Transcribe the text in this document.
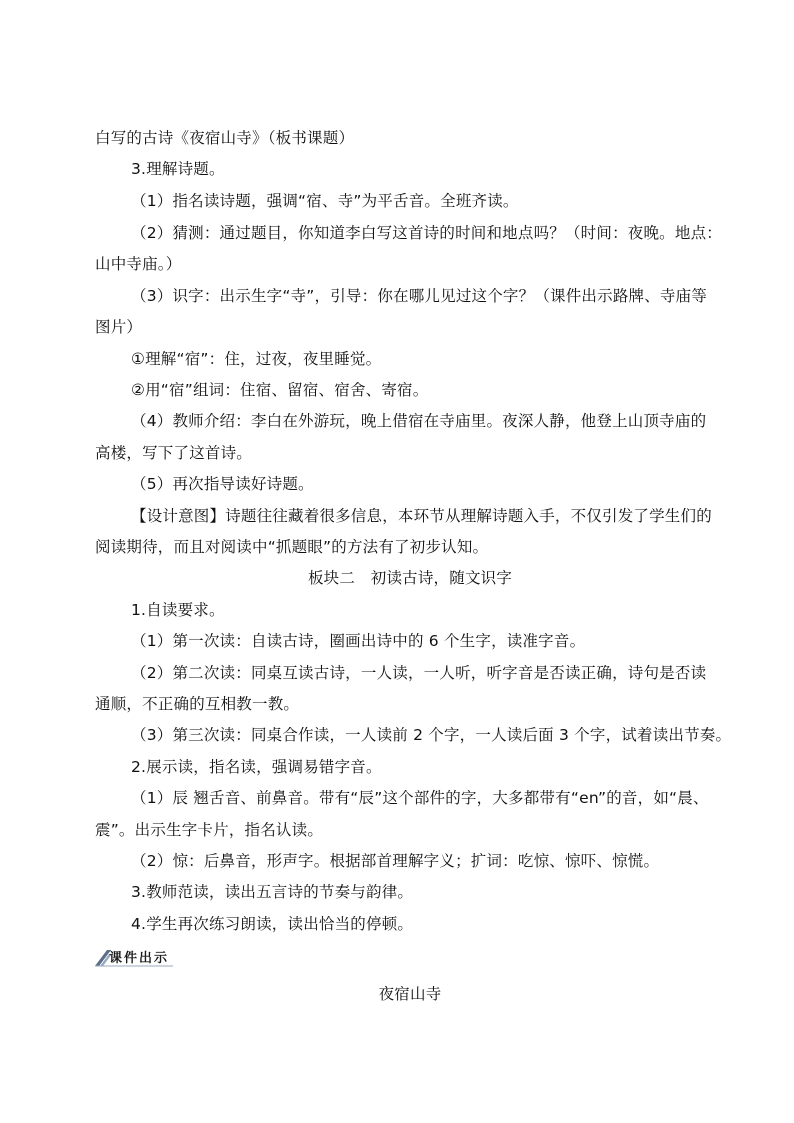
白写的古诗《夜宿山寺》（板书课题）
3.理解诗题。
（1）指名读诗题，强调“宿、寺”为平舌音。全班齐读。
（2）猜测：通过题目，你知道李白写这首诗的时间和地点吗？（时间：夜晚。地点：
山中寺庙。）
（3）识字：出示生字“寺”，引导：你在哪儿见过这个字？（课件出示路牌、寺庙等
图片）
①理解“宿”：住，过夜，夜里睡觉。
②用“宿”组词：住宿、留宿、宿舍、寄宿。
（4）教师介绍：李白在外游玩，晚上借宿在寺庙里。夜深人静，他登上山顶寺庙的
高楼，写下了这首诗。
（5）再次指导读好诗题。
【设计意图】诗题往往藏着很多信息，本环节从理解诗题入手，不仅引发了学生们的
阅读期待，而且对阅读中“抓题眼”的方法有了初步认知。
板块二　初读古诗，随文识字
1.自读要求。
（1）第一次读：自读古诗，圈画出诗中的 6 个生字，读准字音。
（2）第二次读：同桌互读古诗，一人读，一人听，听字音是否读正确，诗句是否读
通顺，不正确的互相教一教。
（3）第三次读：同桌合作读，一人读前 2 个字，一人读后面 3 个字，试着读出节奏。
2.展示读，指名读，强调易错字音。
（1）辰 翘舌音、前鼻音。带有“辰”这个部件的字，大多都带有“en”的音，如“晨、
震”。出示生字卡片，指名认读。
（2）惊：后鼻音，形声字。根据部首理解字义；扩词：吃惊、惊吓、惊慌。
3.教师范读，读出五言诗的节奏与韵律。
4.学生再次练习朗读，读出恰当的停顿。
课件出示
夜宿山寺
